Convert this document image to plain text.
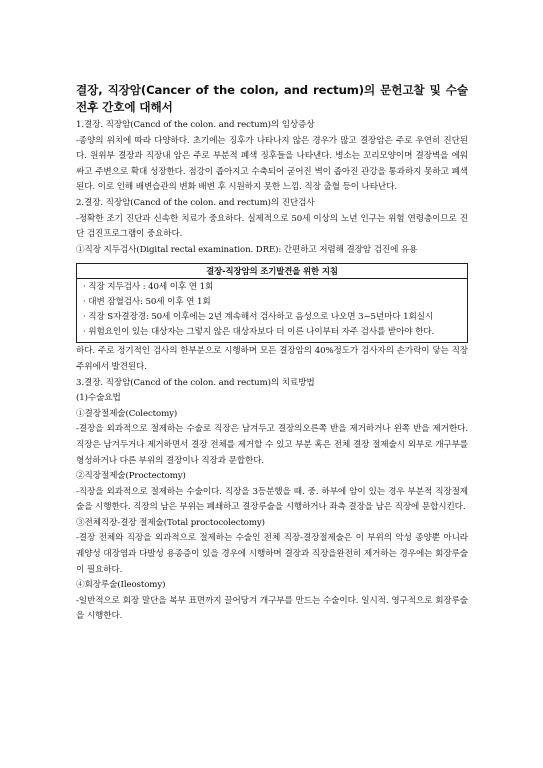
결장, 직장암(Cancer of the colon, and rectum)의 문헌고찰 및 수술 전후 간호에 대해서

1.결장. 직장암(Cancd of the colon. and rectum)의 임상증상

-종양의 위치에 따라 다양하다. 초기에는 징후가 나타나지 않은 경우가 많고 결장암은 주로 우연히 진단된다. 원위부 결장과 직장내 암은 주로 부분적 폐색 징후들을 나타낸다. 병소는 꼬리모양이며 결장벽을 에워싸고 주변으로 확대 성장한다. 점강이 좁아지고 수축되어 굳어진 벽이 좁아진 관강을 통과하지 못하고 폐색된다. 이로 인해 배변습관의 변화 배변 후 시원하지 못한 느낌. 직장 출혈 등이 나타난다.

2.결장. 직장암(Cancd of the colon. and rectum)의 진단검사

-정확한 조기 진단과 신속한 치료가 중요하다. 실제적으로 50세 이상의 노년 인구는 위험 연령층이므로 진단 검진프로그램이 중요하다.

①직장 지두검사(Digital rectal examination. DRE): 간편하고 저렴해 결장암 검진에 유용

결장-직장암의 조기발견을 위한 지침

· 직장 지두검사 : 40세 이후 연 1회

· 대변 잠혈검사: 50세 이후 연 1회

· 직장 S자결장경: 50세 이후에는 2년 계속해서 검사하고 음성으로 나오면 3~5년마다 1회실시

· 위험요인이 있는 대상자는 그렇지 않은 대상자보다 더 이른 나이부터 자주 검사를 받아야 한다.

하다. 주로 정기적인 검사의 한부분으로 시행하며 모든 결장암의 40%정도가 검사자의 손가락이 닿는 직장 주위에서 발견된다.

3.결장. 직장암(Cancd of the colon. and rectum)의 치료방법

(1)수술요법

①결장절제술(Colectomy)

-결장을 외과적으로 절제하는 수술로 직장은 남겨두고 결장의오른쪽 반을 제거하거나 왼쪽 반을 제거한다. 직장은 남겨두거나 제거하면서 결장 전체를 제거할 수 있고 부분 혹은 전체 결장 절제술시 외부로 개구부를 형성하거나 다른 부위의 결장이나 직장과 문합한다.

②직장절제술(Proctectomy)

-직장을 외과적으로 절제하는 수술이다. 직장을 3등분했을 때. 중. 하부에 암이 있는 경우 부분적 직장절제술을 시행한다. 직장의 남은 부위는 폐쇄하고 결장루술을 시행하거나 좌측 결장을 남은 직장에 문합시킨다.

③전체직장-결장 절제술(Total proctocolectomy)

-결장 전체와 직장을 외과적으로 절제하는 수술인 전체 직장-결장절제술은 이 부위의 악성 종양뿐 아니라 궤양성 대장염과 다발성 용종증이 있을 경우에 시행하며 결장과 직장을완전히 제거하는 경우에는 회장루술이 필요하다.

④회장루술(Ileostomy)

-일반적으로 회장 말단을 복부 표면까지 끌어당겨 개구부를 만드는 수술이다. 일시적. 영구적으로 회장루술을 시행한다.
